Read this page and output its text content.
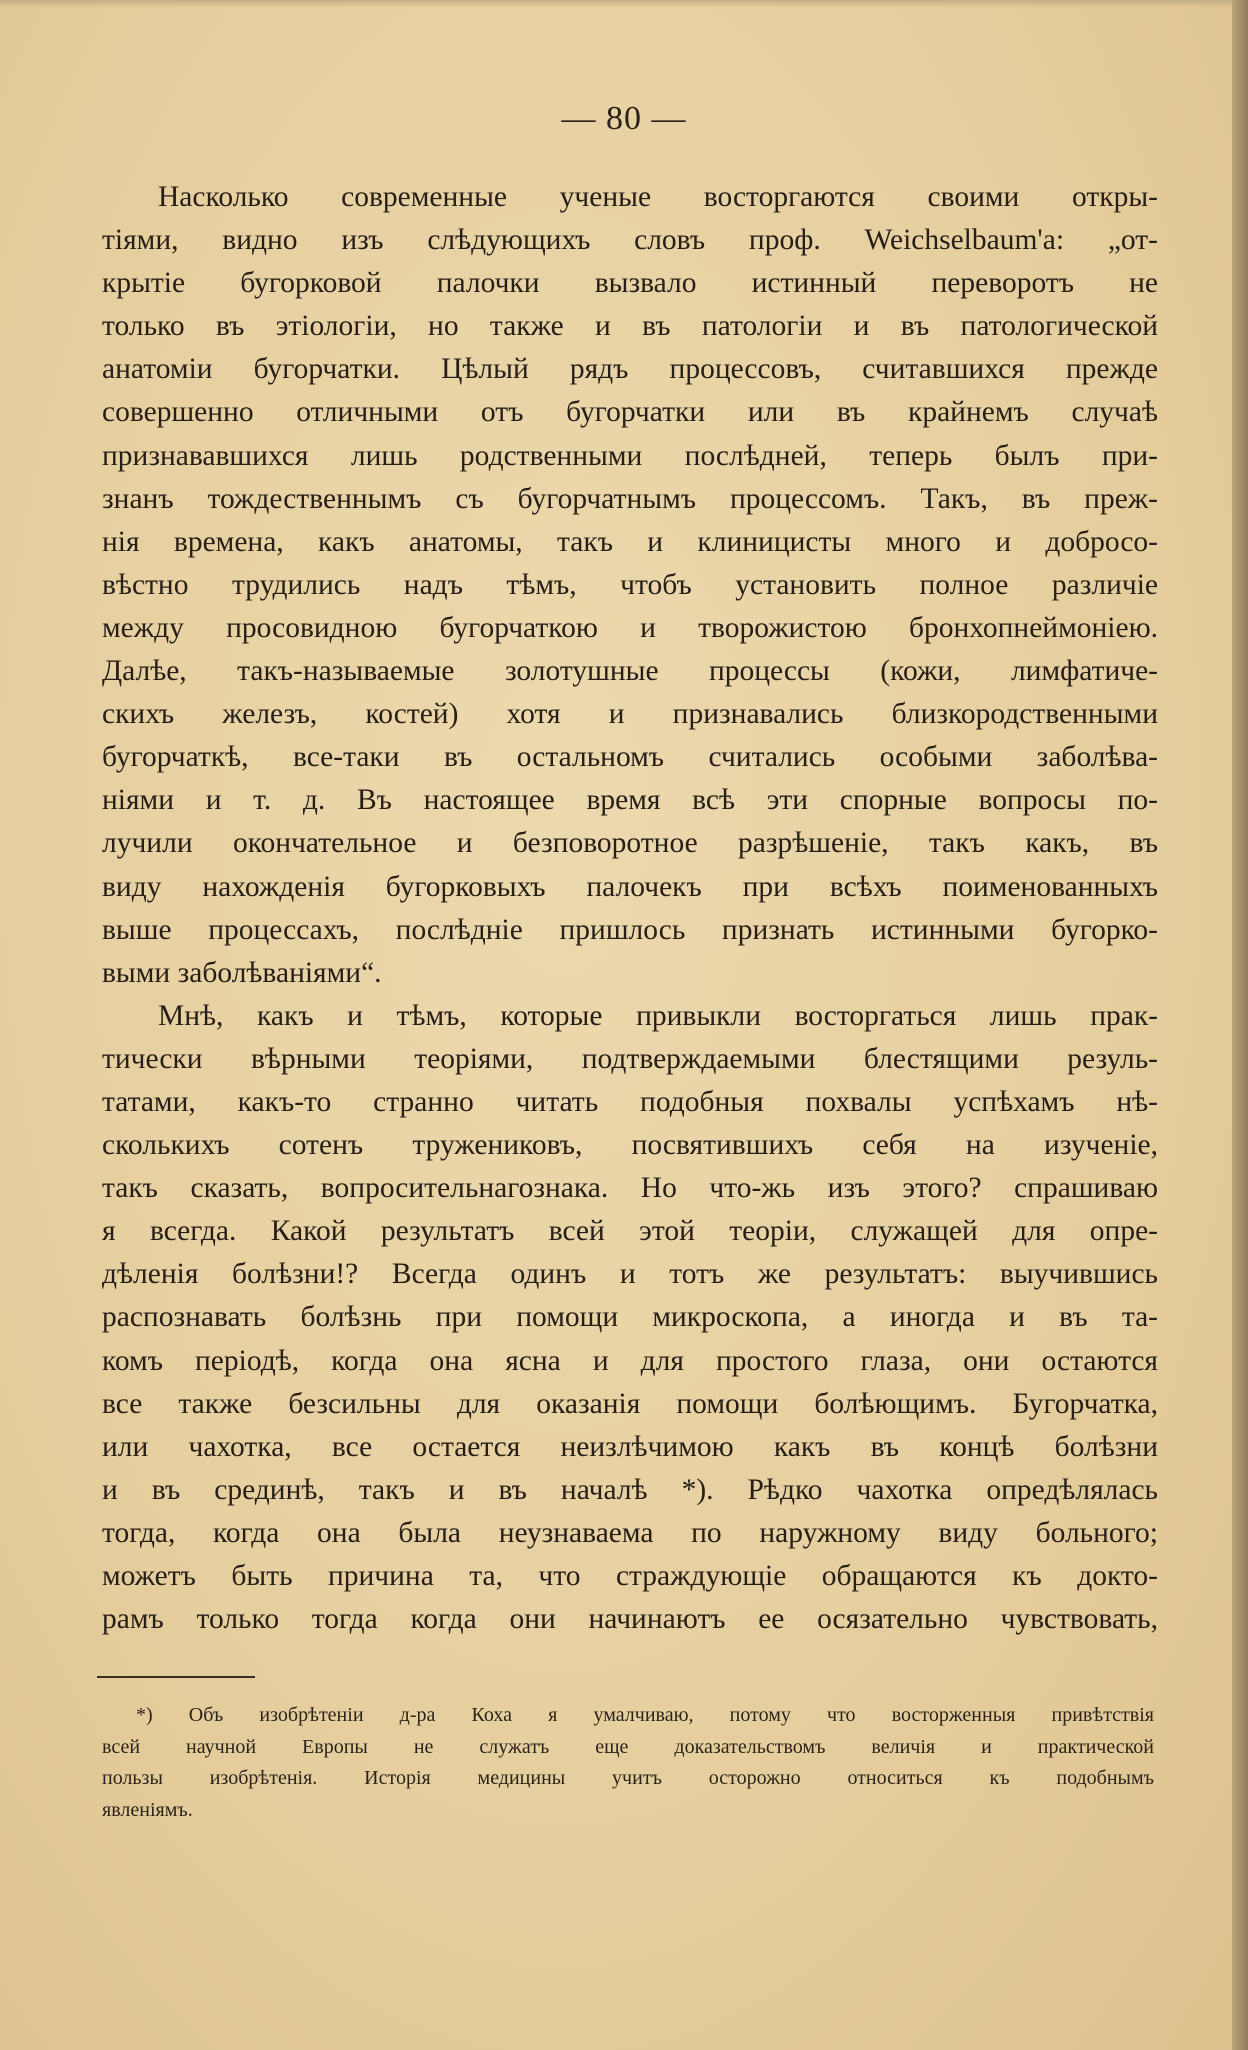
— 80 —
Насколько современные ученые восторгаются своими откры-
тіями, видно изъ слѣдующихъ словъ проф. Weichselbaum'а: „от-
крытіе бугорковой палочки вызвало истинный переворотъ не
только въ этіологіи, но также и въ патологіи и въ патологической
анатоміи бугорчатки. Цѣлый рядъ процессовъ, считавшихся прежде
совершенно отличными отъ бугорчатки или въ крайнемъ случаѣ
признававшихся лишь родственными послѣдней, теперь былъ при-
знанъ тождественнымъ съ бугорчатнымъ процессомъ. Такъ, въ преж-
нія времена, какъ анатомы, такъ и клиницисты много и добросо-
вѣстно трудились надъ тѣмъ, чтобъ установить полное различіе
между просовидною бугорчаткою и творожистою бронхопнеймоніею.
Далѣе, такъ-называемые золотушные процессы (кожи, лимфатиче-
скихъ железъ, костей) хотя и признавались близкородственными
бугорчаткѣ, все-таки въ остальномъ считались особыми заболѣва-
ніями и т. д. Въ настоящее время всѣ эти спорные вопросы по-
лучили окончательное и безповоротное разрѣшеніе, такъ какъ, въ
виду нахожденія бугорковыхъ палочекъ при всѣхъ поименованныхъ
выше процессахъ, послѣдніе пришлось признать истинными бугорко-
выми заболѣваніями“.
Мнѣ, какъ и тѣмъ, которые привыкли восторгаться лишь прак-
тически вѣрными теоріями, подтверждаемыми блестящими резуль-
татами, какъ-то странно читать подобныя похвалы успѣхамъ нѣ-
сколькихъ сотенъ тружениковъ, посвятившихъ себя на изученіе,
такъ сказать, вопросительнагознака. Но что-жь изъ этого? спрашиваю
я всегда. Какой результатъ всей этой теоріи, служащей для опре-
дѣленія болѣзни!? Всегда одинъ и тотъ же результатъ: выучившись
распознавать болѣзнь при помощи микроскопа, а иногда и въ та-
комъ періодѣ, когда она ясна и для простого глаза, они остаются
все также безсильны для оказанія помощи болѣющимъ. Бугорчатка,
или чахотка, все остается неизлѣчимою какъ въ концѣ болѣзни
и въ срединѣ, такъ и въ началѣ *). Рѣдко чахотка опредѣлялась
тогда, когда она была неузнаваема по наружному виду больного;
можетъ быть причина та, что страждующіе обращаются къ докто-
рамъ только тогда когда они начинаютъ ее осязательно чувствовать,
*) Объ изобрѣтеніи д-ра Коха я умалчиваю, потому что восторженныя привѣтствія
всей научной Европы не служатъ еще доказательствомъ величія и практической
пользы изобрѣтенія. Исторія медицины учитъ осторожно относиться къ подобнымъ
явленіямъ.
